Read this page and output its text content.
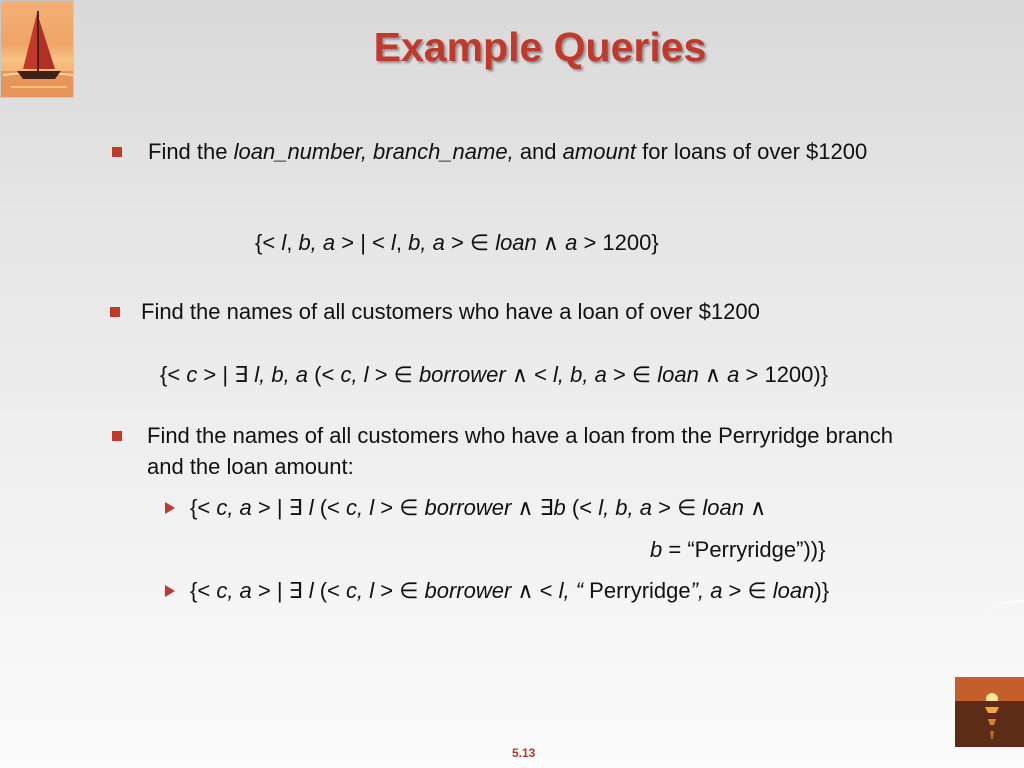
Example Queries

Find the loan_number, branch_name, and amount for loans of over $1200

{< l, b, a > | < l, b, a > ∈ loan ∧ a > 1200}

Find the names of all customers who have a loan of over $1200

{< c > | ∃ l, b, a (< c, l > ∈ borrower ∧ < l, b, a > ∈ loan ∧ a > 1200)}

Find the names of all customers who have a loan from the Perryridge branch

and the loan amount:

{< c, a > | ∃ l (< c, l > ∈ borrower ∧ ∃b (< l, b, a > ∈ loan ∧

b = “Perryridge”))}

{< c, a > | ∃ l (< c, l > ∈ borrower ∧ < l, “ Perryridge”, a > ∈ loan)}

5.13
